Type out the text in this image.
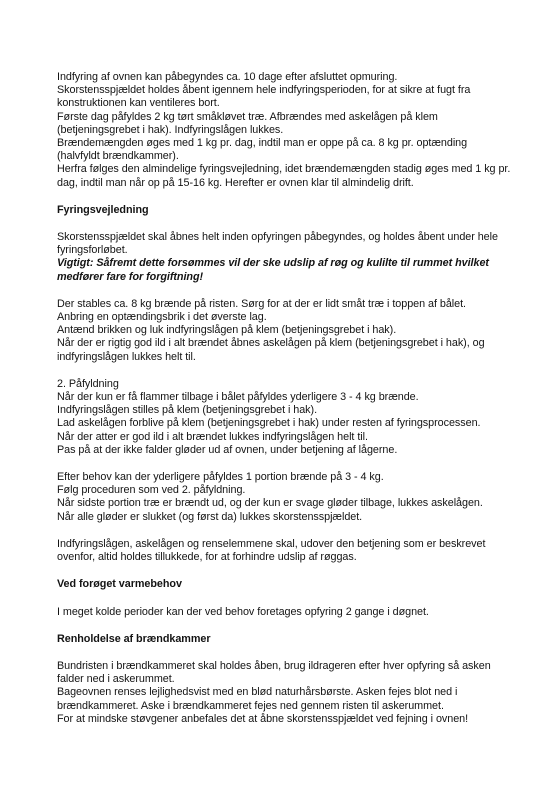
Indfyring af ovnen kan påbegyndes ca. 10 dage efter afsluttet opmuring.

Skorstensspjældet holdes åbent igennem hele indfyringsperioden, for at sikre at fugt fra konstruktionen kan ventileres bort.

Første dag påfyldes 2 kg tørt småkløvet træ. Afbrændes med askelågen på klem (betjeningsgrebet i hak). Indfyringslågen lukkes.

Brændemængden øges med 1 kg pr. dag, indtil man er oppe på ca. 8 kg pr. optænding (halvfyldt brændkammer).

Herfra følges den almindelige fyringsvejledning, idet brændemængden stadig øges med 1 kg pr. dag, indtil man når op på 15-16 kg. Herefter er ovnen klar til almindelig drift.

Fyringsvejledning

Skorstensspjældet skal åbnes helt inden opfyringen påbegyndes, og holdes åbent under hele fyringsforløbet.

Vigtigt: Såfremt dette forsømmes vil der ske udslip af røg og kulilte til rummet hvilket medfører fare for forgiftning!

Der stables ca. 8 kg brænde på risten. Sørg for at der er lidt småt træ i toppen af bålet.

Anbring en optændingsbrik i det øverste lag.

Antænd brikken og luk indfyringslågen på klem (betjeningsgrebet i hak).

Når der er rigtig god ild i alt brændet åbnes askelågen på klem (betjeningsgrebet i hak), og indfyringslågen lukkes helt til.

2. Påfyldning

Når der kun er få flammer tilbage i bålet påfyldes yderligere 3 - 4 kg brænde.

Indfyringslågen stilles på klem (betjeningsgrebet i hak).

Lad askelågen forblive på klem (betjeningsgrebet i hak) under resten af fyringsprocessen.

Når der atter er god ild i alt brændet lukkes indfyringslågen helt til.

Pas på at der ikke falder gløder ud af ovnen, under betjening af lågerne.

Efter behov kan der yderligere påfyldes 1 portion brænde på 3 - 4 kg.

Følg proceduren som ved 2. påfyldning.

Når sidste portion træ er brændt ud, og der kun er svage gløder tilbage, lukkes askelågen.

Når alle gløder er slukket (og først da) lukkes skorstensspjældet.

Indfyringslågen, askelågen og renselemmene skal, udover den betjening som er beskrevet ovenfor, altid holdes tillukkede, for at forhindre udslip af røggas.

Ved forøget varmebehov

I meget kolde perioder kan der ved behov foretages opfyring 2 gange i døgnet.

Renholdelse af brændkammer

Bundristen i brændkammeret skal holdes åben, brug ildrageren efter hver opfyring så asken falder ned i askerummet.

Bageovnen renses lejlighedsvist med en blød naturhårsbørste. Asken fejes blot ned i brændkammeret. Aske i brændkammeret fejes ned gennem risten til askerummet.

For at mindske støvgener anbefales det at åbne skorstensspjældet ved fejning i ovnen!
